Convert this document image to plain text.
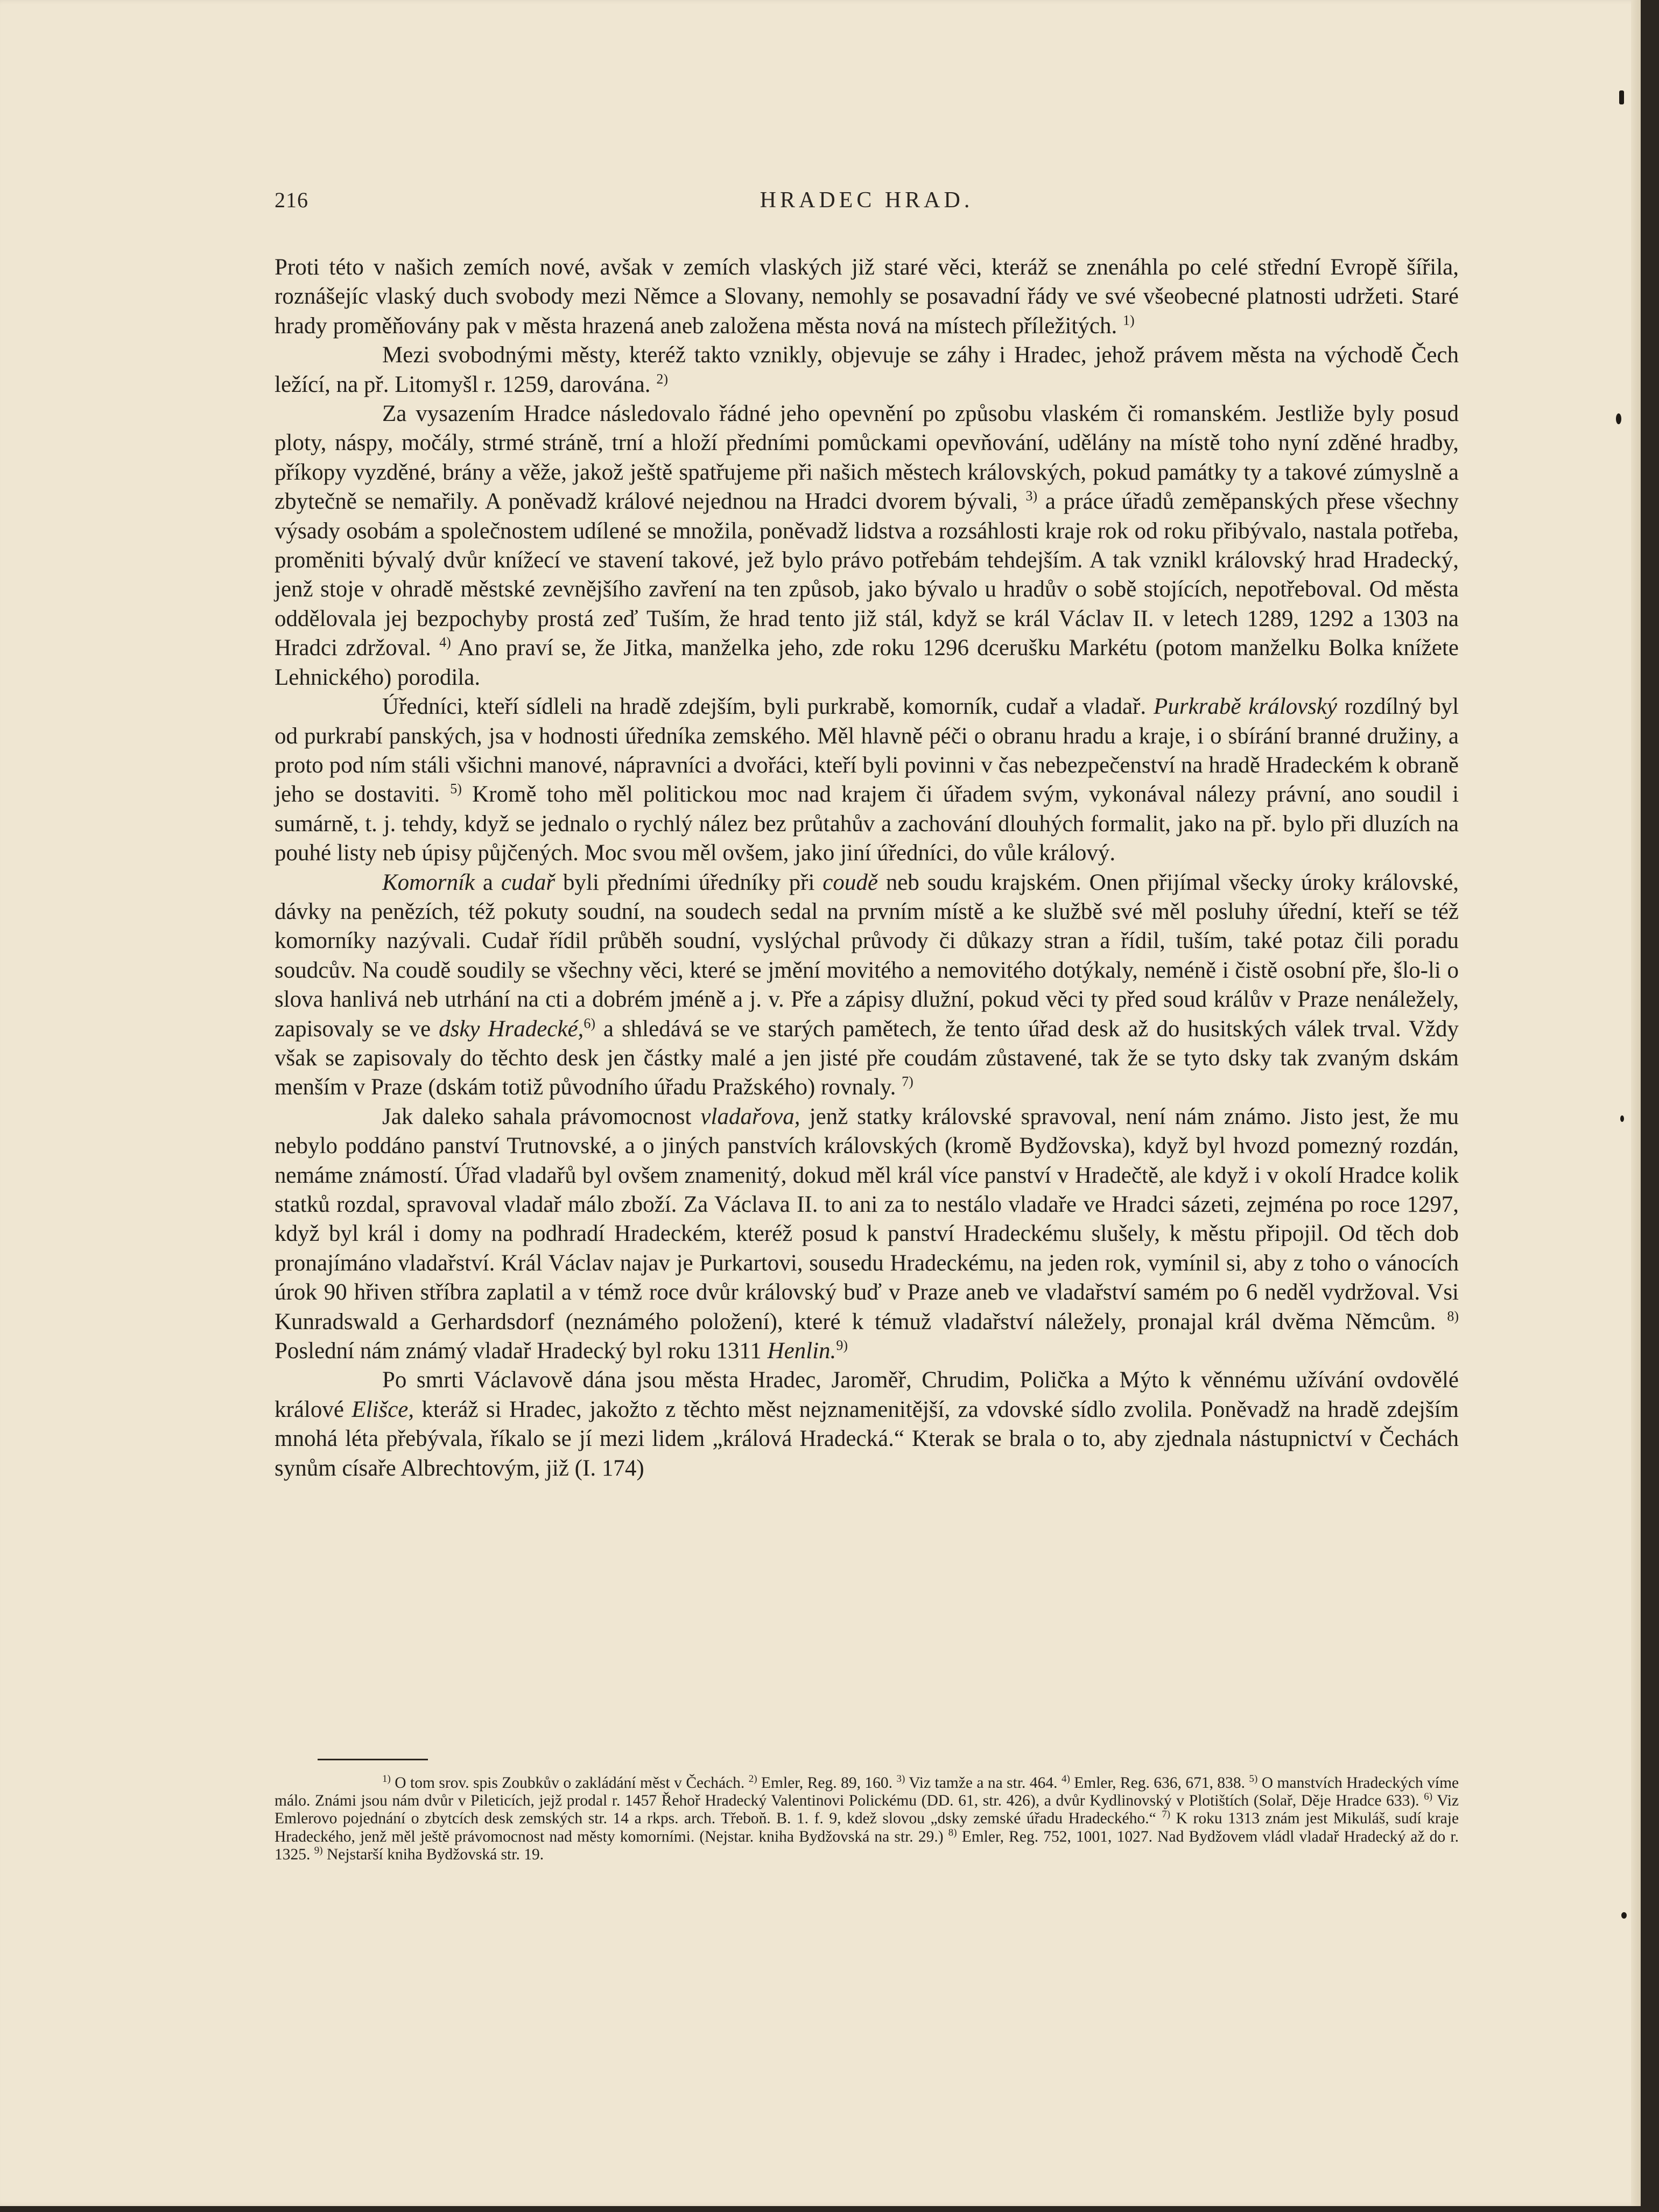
216	HRADEC HRAD.

Proti této v našich zemích nové, avšak v zemích vlaských již staré věci, kteráž se znenáhla po celé střední Evropě šířila, roznášejíc vlaský duch svobody mezi Němce a Slovany, nemohly se posavadní řády ve své všeobecné platnosti udržeti. Staré hrady proměňovány pak v města hrazená aneb založena města nová na místech příležitých. $^{1)}$

Mezi svobodnými městy, kteréž takto vznikly, objevuje se záhy i Hradec, jehož právem města na východě Čech ležící, na př. Litomyšl r. 1259, darována. $^{2)}$

Za vysazením Hradce následovalo řádné jeho opevnění po způsobu vlaském či romanském. Jestliže byly posud ploty, náspy, močály, strmé stráně, trní a hloží předními pomůckami opevňování, udělány na místě toho nyní zděné hradby, příkopy vyzděné, brány a věže, jakož ještě spatřujeme při našich městech královských, pokud památky ty a takové zúmyslně a zbytečně se nemařily. A poněvadž králové nejednou na Hradci dvorem bývali, $^{3)}$ a práce úřadů zeměpanských přese všechny výsady osobám a společnostem udílené se množila, poněvadž lidstva a rozsáhlosti kraje rok od roku přibývalo, nastala potřeba, proměniti bývalý dvůr knížecí ve stavení takové, jež bylo právo potřebám tehdejším. A tak vznikl královský hrad Hradecký, jenž stoje v ohradě městské zevnějšího zavření na ten způsob, jako bývalo u hradův o sobě stojících, nepotřeboval. Od města oddělovala jej bezpochyby prostá zeď Tuším, že hrad tento již stál, když se král Václav II. v letech 1289, 1292 a 1303 na Hradci zdržoval. $^{4)}$ Ano praví se, že Jitka, manželka jeho, zde roku 1296 dcerušku Markétu (potom manželku Bolka knížete Lehnického) porodila.

Úředníci, kteří sídleli na hradě zdejším, byli purkrabě, komorník, cudař a vladař. Purkrabě královský rozdílný byl od purkrabí panských, jsa v hodnosti úředníka zemského. Měl hlavně péči o obranu hradu a kraje, i o sbírání branné družiny, a proto pod ním stáli všichni manové, nápravníci a dvořáci, kteří byli povinni v čas nebezpečenství na hradě Hradeckém k obraně jeho se dostaviti. $^{5)}$ Kromě toho měl politickou moc nad krajem či úřadem svým, vykonával nálezy právní, ano soudil i sumárně, t. j. tehdy, když se jednalo o rychlý nález bez průtahův a zachování dlouhých formalit, jako na př. bylo při dluzích na pouhé listy neb úpisy půjčených. Moc svou měl ovšem, jako jiní úředníci, do vůle králový.

Komorník a cudař byli předními úředníky při coudě neb soudu krajském. Onen přijímal všecky úroky královské, dávky na penězích, též pokuty soudní, na soudech sedal na prvním místě a ke službě své měl posluhy úřední, kteří se též komorníky nazývali. Cudař řídil průběh soudní, vyslýchal průvody či důkazy stran a řídil, tuším, také potaz čili poradu soudcův. Na coudě soudily se všechny věci, které se jmění movitého a nemovitého dotýkaly, neméně i čistě osobní pře, šlo-li o slova hanlivá neb utrhání na cti a dobrém jméně a j. v. Pře a zápisy dlužní, pokud věci ty před soud králův v Praze nenáležely, zapisovaly se ve dsky Hradecké,$^{6)}$ a shledává se ve starých pamětech, že tento úřad desk až do husitských válek trval. Vždy však se zapisovaly do těchto desk jen částky malé a jen jisté pře coudám zůstavené, tak že se tyto dsky tak zvaným dskám menším v Praze (dskám totiž původního úřadu Pražského) rovnaly. $^{7)}$

Jak daleko sahala právomocnost vladařova, jenž statky královské spravoval, není nám známo. Jisto jest, že mu nebylo poddáno panství Trutnovské, a o jiných panstvích královských (kromě Bydžovska), když byl hvozd pomezný rozdán, nemáme známostí. Úřad vladařů byl ovšem znamenitý, dokud měl král více panství v Hradečtě, ale když i v okolí Hradce kolik statků rozdal, spravoval vladař málo zboží. Za Václava II. to ani za to nestálo vladaře ve Hradci sázeti, zejména po roce 1297, když byl král i domy na podhradí Hradeckém, kteréž posud k panství Hradeckému slušely, k městu připojil. Od těch dob pronajímáno vladařství. Král Václav najav je Purkartovi, sousedu Hradeckému, na jeden rok, vymínil si, aby z toho o vánocích úrok 90 hřiven stříbra zaplatil a v témž roce dvůr královský buď v Praze aneb ve vladařství samém po 6 neděl vydržoval. Vsi Kunradswald a Gerhardsdorf (neznámého položení), které k témuž vladařství náležely, pronajal král dvěma Němcům. $^{8)}$ Poslední nám známý vladař Hradecký byl roku 1311 Henlin.$^{9)}$

Po smrti Václavově dána jsou města Hradec, Jaroměř, Chrudim, Polička a Mýto k věnnému užívání ovdovělé králové Elišce, kteráž si Hradec, jakožto z těchto měst nejznamenitější, za vdovské sídlo zvolila. Poněvadž na hradě zdejším mnohá léta přebývala, říkalo se jí mezi lidem „králová Hradecká.“ Kterak se brala o to, aby zjednala nástupnictví v Čechách synům císaře Albrechtovým, již (I. 174)

$^{1)}$ O tom srov. spis Zoubkův o zakládání měst v Čechách. $^{2)}$ Emler, Reg. 89, 160. $^{3)}$ Viz tamže a na str. 464. $^{4)}$ Emler, Reg. 636, 671, 838. $^{5)}$ O manstvích Hradeckých víme málo. Známi jsou nám dvůr v Pileticích, jejž prodal r. 1457 Řehoř Hradecký Valentinovi Polickému (DD. 61, str. 426), a dvůr Kydlinovský v Plotištích (Solař, Děje Hradce 633). $^{6)}$ Viz Emlerovo pojednání o zbytcích desk zemských str. 14 a rkps. arch. Třeboň. B. 1. f. 9, kdež slovou „dsky zemské úřadu Hradeckého.“ $^{7)}$ K roku 1313 znám jest Mikuláš, sudí kraje Hradeckého, jenž měl ještě právomocnost nad městy komorními. (Nejstar. kniha Bydžovská na str. 29.) $^{8)}$ Emler, Reg. 752, 1001, 1027. Nad Bydžovem vládl vladař Hradecký až do r. 1325. $^{9)}$ Nejstarší kniha Bydžovská str. 19.
